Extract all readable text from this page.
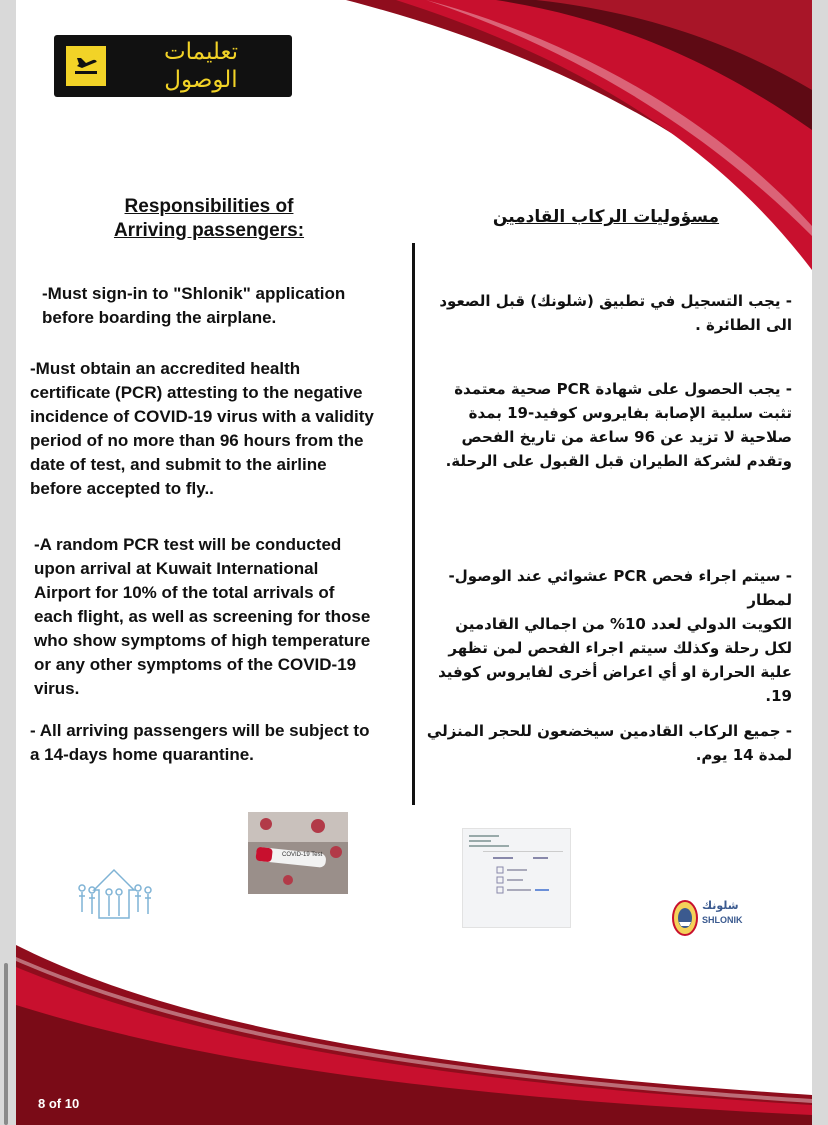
تعليمات
الوصول
Responsibilities of
Arriving passengers:
مسؤوليات الركاب القادمين
-Must sign-in to "Shlonik" application
before boarding the airplane.
-Must obtain an accredited health
certificate (PCR) attesting to the negative
incidence of COVID-19 virus with a validity
period of no more than 96 hours from the
date of test, and submit to the airline
before accepted to fly..
-A random PCR test will be conducted
upon arrival at Kuwait International
Airport for 10% of the total arrivals of
each flight, as well as screening for those
who show symptoms of high temperature
or any other symptoms of the COVID-19
virus.
- All arriving passengers will be subject to
a 14-days home quarantine.
- يجب التسجيل في تطبيق (شلونك) قبل الصعود
الى الطائرة .
- يجب الحصول على شهادة PCR صحية معتمدة
تثبت سلبية الإصابة بفايروس كوفيد-19 بمدة
صلاحية لا تزيد عن 96 ساعة من تاريخ الفحص
وتقدم لشركة الطيران قبل القبول على الرحلة.
- سيتم اجراء فحص PCR عشوائي عند الوصول- لمطار
الكويت الدولي لعدد 10% من اجمالي القادمين
لكل رحلة وكذلك سيتم اجراء الفحص لمن تظهر
علية الحرارة او أي اعراض أخرى لفايروس كوفيد 19.
- جميع الركاب القادمين سيخضعون للحجر المنزلي
لمدة 14 يوم.
COVID-19 Test
شلونك
SHLONIK
8 of 10
